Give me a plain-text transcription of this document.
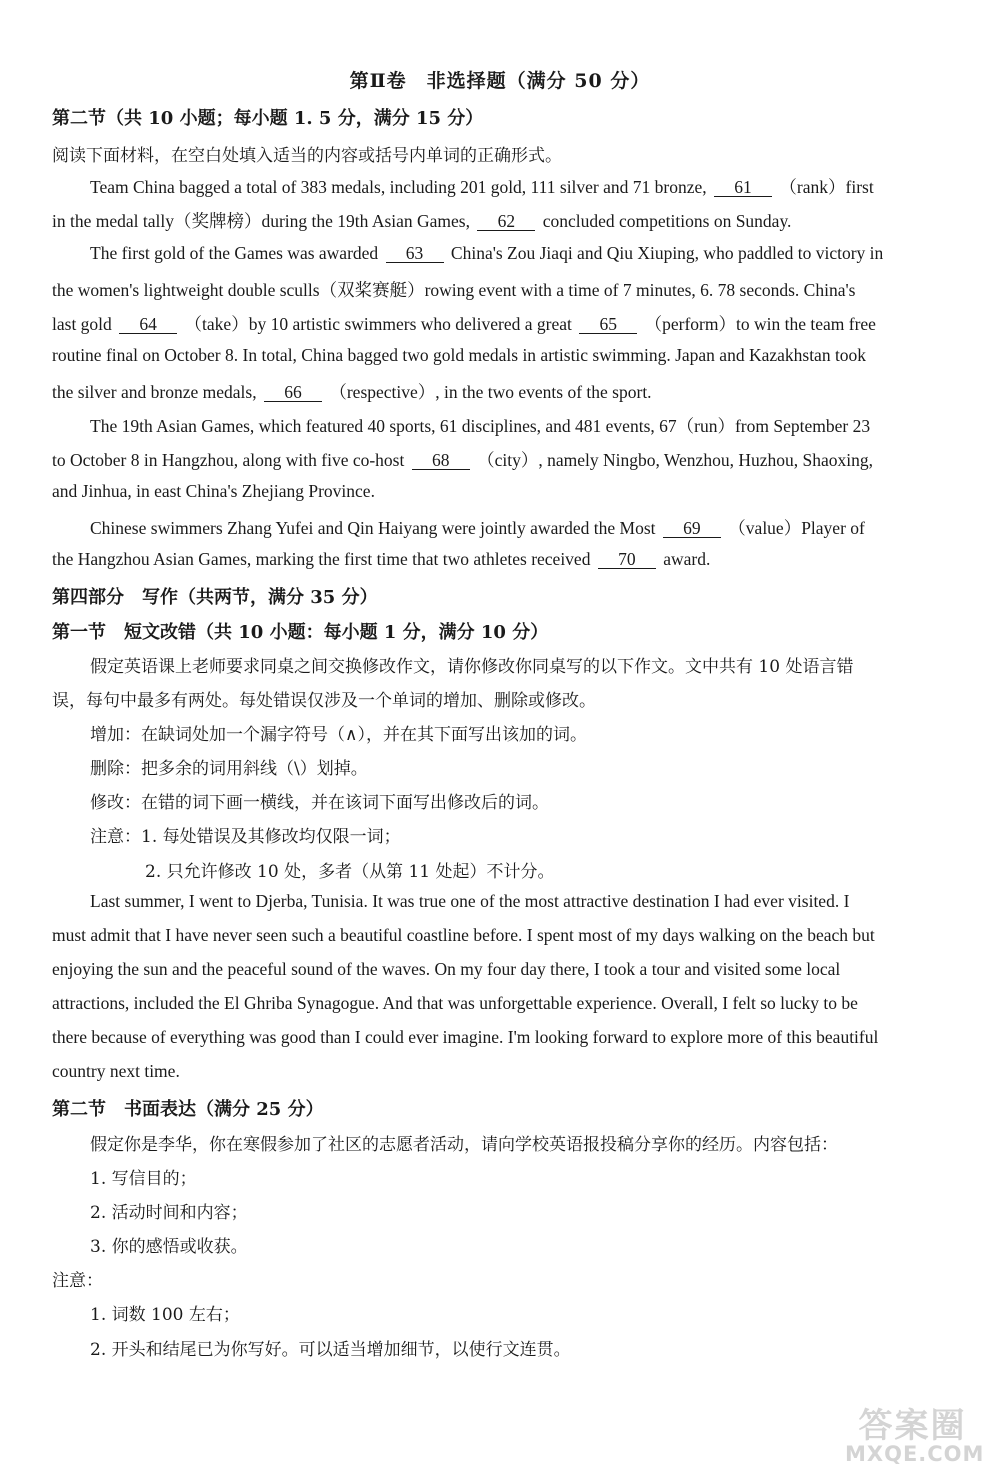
第Ⅱ卷　非选择题（满分 50 分）
第二节（共 10 小题；每小题 1. 5 分，满分 15 分）
阅读下面材料，在空白处填入适当的内容或括号内单词的正确形式。
Team China bagged a total of 383 medals, including 201 gold, 111 silver and 71 bronze, 61 （rank）first
in the medal tally（奖牌榜）during the 19th Asian Games, 62 concluded competitions on Sunday.
The first gold of the Games was awarded 63 China's Zou Jiaqi and Qiu Xiuping, who paddled to victory in
the women's lightweight double sculls（双桨赛艇）rowing event with a time of 7 minutes, 6. 78 seconds. China's
last gold 64 （take）by 10 artistic swimmers who delivered a great 65 （perform）to win the team free
routine final on October 8. In total, China bagged two gold medals in artistic swimming. Japan and Kazakhstan took
the silver and bronze medals, 66 （respective）, in the two events of the sport.
The 19th Asian Games, which featured 40 sports, 61 disciplines, and 481 events, 67（run）from September 23
to October 8 in Hangzhou, along with five co-host 68 （city）, namely Ningbo, Wenzhou, Huzhou, Shaoxing,
and Jinhua, in east China's Zhejiang Province.
Chinese swimmers Zhang Yufei and Qin Haiyang were jointly awarded the Most 69 （value）Player of
the Hangzhou Asian Games, marking the first time that two athletes received 70 award.
第四部分　写作（共两节，满分 35 分）
第一节　短文改错（共 10 小题：每小题 1 分，满分 10 分）
假定英语课上老师要求同桌之间交换修改作文，请你修改你同桌写的以下作文。文中共有 10 处语言错
误，每句中最多有两处。每处错误仅涉及一个单词的增加、删除或修改。
增加：在缺词处加一个漏字符号（∧），并在其下面写出该加的词。
删除：把多余的词用斜线（\）划掉。
修改：在错的词下画一横线，并在该词下面写出修改后的词。
注意：1. 每处错误及其修改均仅限一词；
2. 只允许修改 10 处，多者（从第 11 处起）不计分。
Last summer, I went to Djerba, Tunisia. It was true one of the most attractive destination I had ever visited. I
must admit that I have never seen such a beautiful coastline before. I spent most of my days walking on the beach but
enjoying the sun and the peaceful sound of the waves. On my four day there, I took a tour and visited some local
attractions, included the El Ghriba Synagogue. And that was unforgettable experience. Overall, I felt so lucky to be
there because of everything was good than I could ever imagine. I'm looking forward to explore more of this beautiful
country next time.
第二节　书面表达（满分 25 分）
假定你是李华，你在寒假参加了社区的志愿者活动，请向学校英语报投稿分享你的经历。内容包括：
1. 写信目的；
2. 活动时间和内容；
3. 你的感悟或收获。
注意：
1. 词数 100 左右；
2. 开头和结尾已为你写好。可以适当增加细节，以使行文连贯。
答案圈
MXQE.COM
